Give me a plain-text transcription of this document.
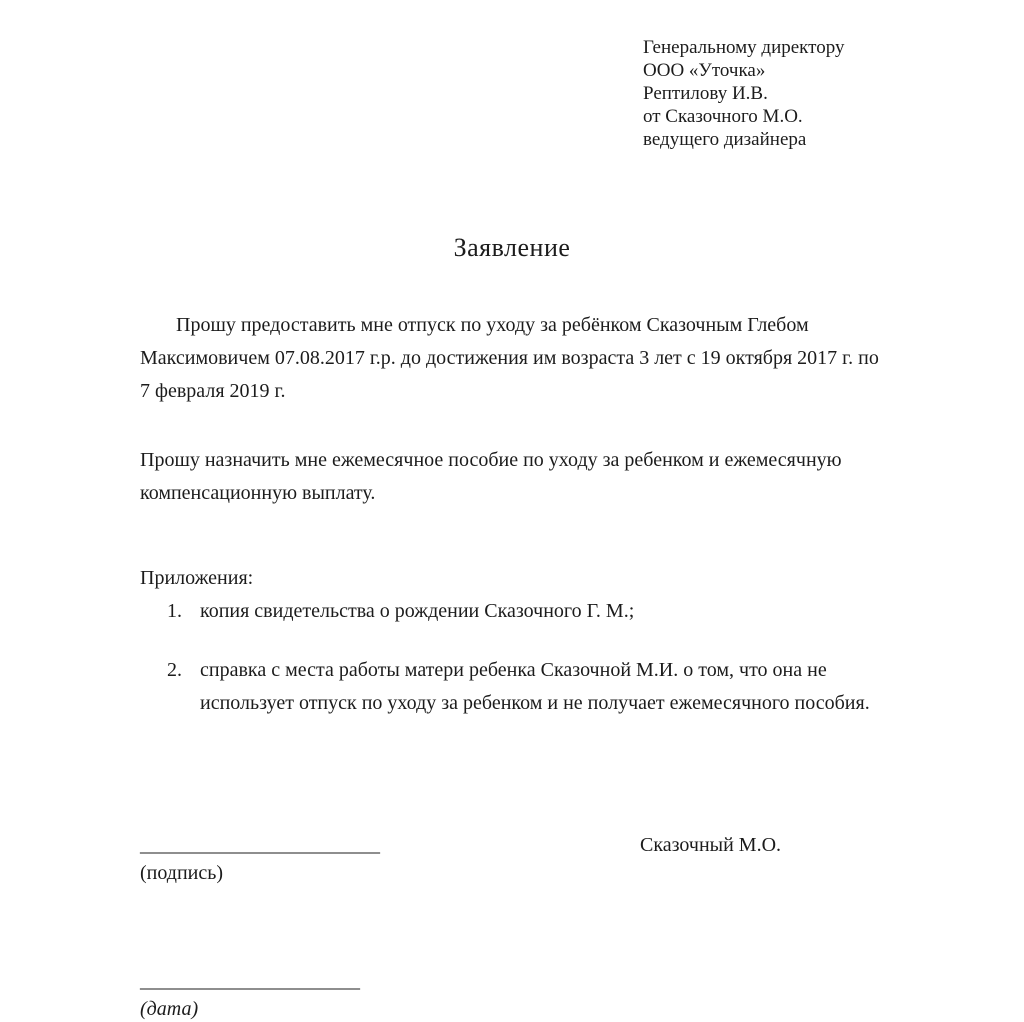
Генеральному директору
ООО «Уточка»
Рептилову И.В.
от Сказочного М.О.
ведущего дизайнера
Заявление

Прошу предоставить мне отпуск по уходу за ребёнком Сказочным Глебом Максимовичем 07.08.2017 г.р. до достижения им возраста 3 лет с 19 октября 2017 г. по 7 февраля 2019 г.

Прошу назначить мне ежемесячное пособие по уходу за ребенком и ежемесячную компенсационную выплату.

Приложения:
1. копия свидетельства о рождении Сказочного Г. М.;
2. справка с места работы матери ребенка Сказочной М.И. о том, что она не использует отпуск по уходу за ребенком и не получает ежемесячного пособия.
________________________
(подпись)
Сказочный М.О.
______________________
(дата)
